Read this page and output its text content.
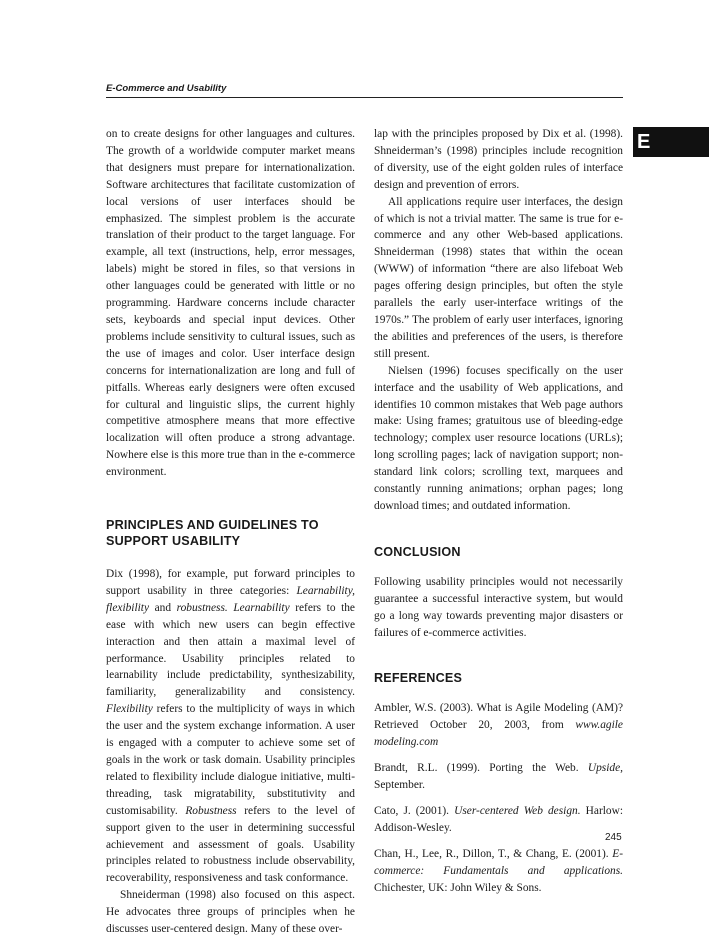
E-Commerce and Usability
E

on to create designs for other languages and cultures. The growth of a worldwide computer market means that designers must prepare for internationalization. Software architectures that facilitate customization of local versions of user interfaces should be emphasized. The simplest problem is the accurate translation of their product to the target language. For example, all text (instructions, help, error messages, labels) might be stored in files, so that versions in other languages could be generated with little or no programming. Hardware concerns include character sets, keyboards and special input devices. Other problems include sensitivity to cultural issues, such as the use of images and color. User interface design concerns for internationalization are long and full of pitfalls. Whereas early designers were often excused for cultural and linguistic slips, the current highly competitive atmosphere means that more effective localization will often produce a strong advantage. Nowhere else is this more true than in the e-commerce environment.

PRINCIPLES AND GUIDELINES TO
SUPPORT USABILITY

Dix (1998), for example, put forward principles to support usability in three categories: Learnability, flexibility and robustness. Learnability refers to the ease with which new users can begin effective interaction and then attain a maximal level of performance. Usability principles related to learnability include predictability, synthesizability, familiarity, generalizability and consistency. Flexibility refers to the multiplicity of ways in which the user and the system exchange information. A user is engaged with a computer to achieve some set of goals in the work or task domain. Usability principles related to flexibility include dialogue initiative, multi-threading, task migratability, substitutivity and customisability. Robustness refers to the level of support given to the user in determining successful achievement and assessment of goals. Usability principles related to robustness include observability, recoverability, responsiveness and task conformance.

Shneiderman (1998) also focused on this aspect. He advocates three groups of principles when he discusses user-centered design. Many of these over-

lap with the principles proposed by Dix et al. (1998). Shneiderman’s (1998) principles include recognition of diversity, use of the eight golden rules of interface design and prevention of errors.

All applications require user interfaces, the design of which is not a trivial matter. The same is true for e-commerce and any other Web-based applications. Shneiderman (1998) states that within the ocean (WWW) of information “there are also lifeboat Web pages offering design principles, but often the style parallels the early user-interface writings of the 1970s.” The problem of early user interfaces, ignoring the abilities and preferences of the users, is therefore still present.

Nielsen (1996) focuses specifically on the user interface and the usability of Web applications, and identifies 10 common mistakes that Web page authors make: Using frames; gratuitous use of bleeding-edge technology; complex user resource locations (URLs); long scrolling pages; lack of navigation support; non-standard link colors; scrolling text, marquees and constantly running animations; orphan pages; long download times; and outdated information.

CONCLUSION

Following usability principles would not necessarily guarantee a successful interactive system, but would go a long way towards preventing major disasters or failures of e-commerce activities.

REFERENCES

Ambler, W.S. (2003). What is Agile Modeling (AM)? Retrieved October 20, 2003, from www.agile modeling.com

Brandt, R.L. (1999). Porting the Web. Upside, September.

Cato, J. (2001). User-centered Web design. Harlow: Addison-Wesley.

Chan, H., Lee, R., Dillon, T., & Chang, E. (2001). E-commerce: Fundamentals and applications. Chichester, UK: John Wiley & Sons.

245
